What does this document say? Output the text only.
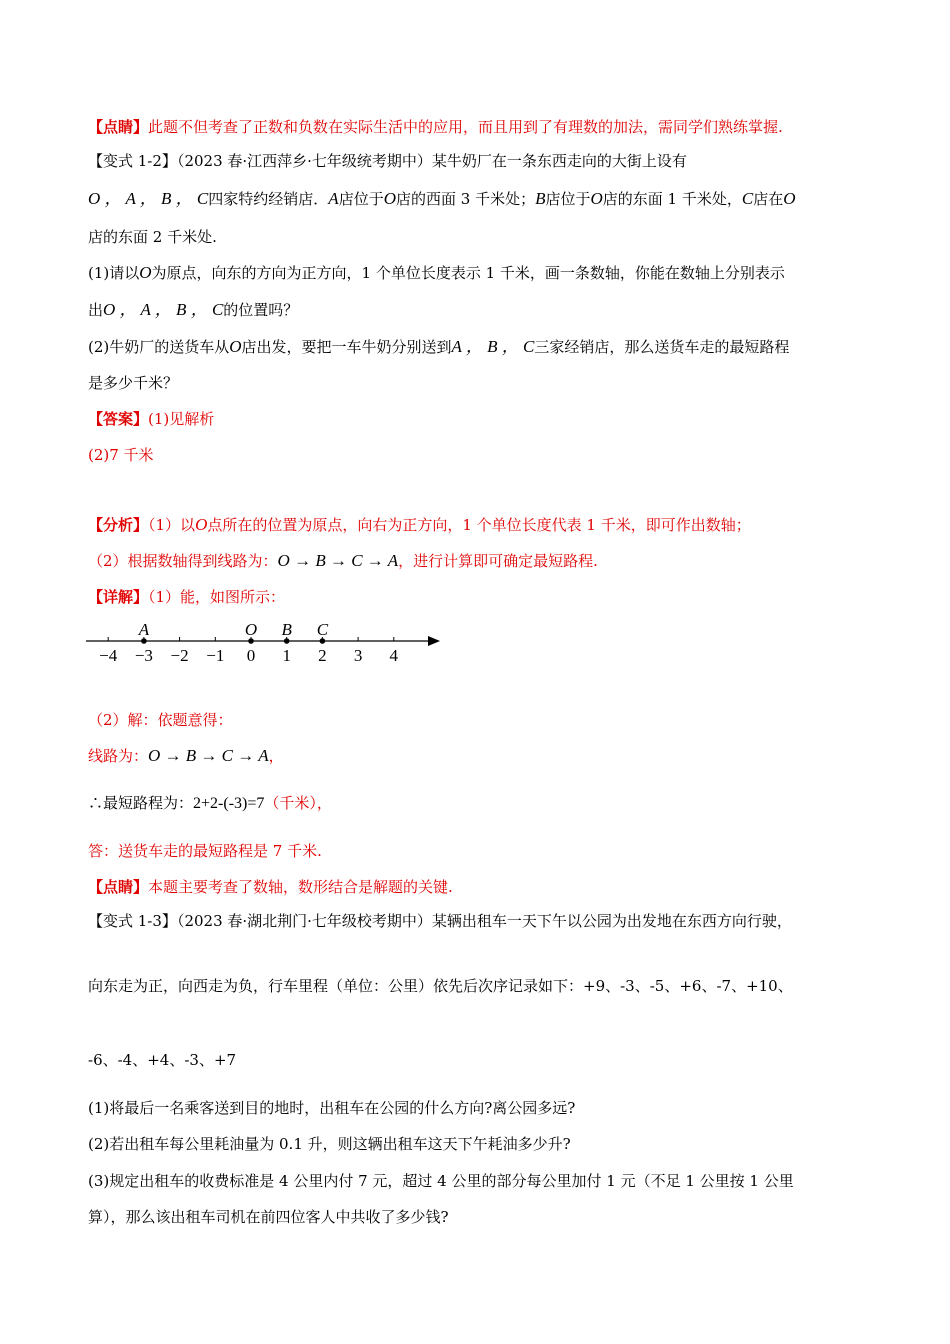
【点睛】此题不但考查了正数和负数在实际生活中的应用，而且用到了有理数的加法，需同学们熟练掌握.
【变式 1-2】（2023 春·江西萍乡·七年级统考期中）某牛奶厂在一条东西走向的大街上设有
O ， A ， B ， C四家特约经销店．A店位于O店的西面 3 千米处；B店位于O店的东面 1 千米处，C店在O
店的东面 2 千米处.
(1)请以O为原点，向东的方向为正方向，1 个单位长度表示 1 千米，画一条数轴，你能在数轴上分别表示
出O ， A ， B ， C的位置吗？
(2)牛奶厂的送货车从O店出发，要把一车牛奶分别送到A ， B ， C三家经销店，那么送货车走的最短路程
是多少千米？
【答案】(1)见解析
(2)7 千米
【分析】（1）以O点所在的位置为原点，向右为正方向，1 个单位长度代表 1 千米，即可作出数轴；
（2）根据数轴得到线路为：O → B → C → A，进行计算即可确定最短路程.
【详解】（1）能，如图所示：
−4 −3 −2 −1 0 1 2 3 4
A	O B C
（2）解：依题意得：
线路为：O → B → C → A，
∴最短路程为：2+2-(-3)=7（千米），
答：送货车走的最短路程是 7 千米.
【点睛】本题主要考查了数轴，数形结合是解题的关键.
【变式 1-3】（2023 春·湖北荆门·七年级校考期中）某辆出租车一天下午以公园为出发地在东西方向行驶，
向东走为正，向西走为负，行车里程（单位：公里）依先后次序记录如下：+9、-3、-5、+6、-7、+10、
-6、-4、+4、-3、+7
(1)将最后一名乘客送到目的地时，出租车在公园的什么方向?离公园多远?
(2)若出租车每公里耗油量为 0.1 升，则这辆出租车这天下午耗油多少升?
(3)规定出租车的收费标准是 4 公里内付 7 元，超过 4 公里的部分每公里加付 1 元（不足 1 公里按 1 公里
算），那么该出租车司机在前四位客人中共收了多少钱?
